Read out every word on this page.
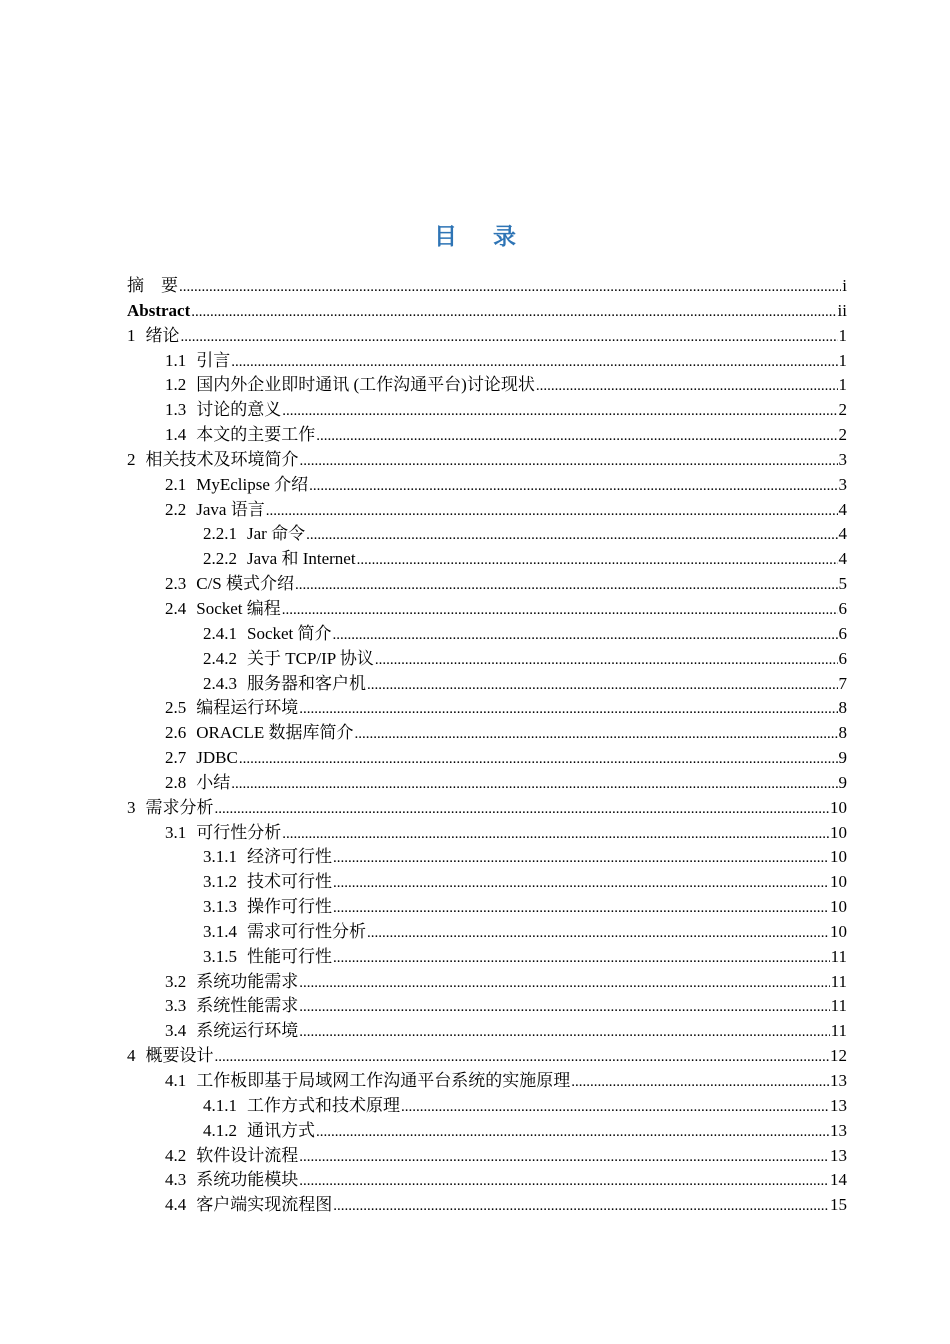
目 录
摘　要 .....	i
Abstract .....	ii
1 绪论 .....	1
1.1 引言 .....	1
1.2 国内外企业即时通讯 (工作沟通平台)讨论现状 .....	1
1.3 讨论的意义 .....	2
1.4 本文的主要工作 .....	2
2 相关技术及环境简介 .....	3
2.1 MyEclipse 介绍 .....	3
2.2 Java 语言 .....	4
2.2.1 Jar 命令 .....	4
2.2.2 Java 和 Internet .....	4
2.3 C/S 模式介绍 .....	5
2.4 Socket 编程 .....	6
2.4.1 Socket 简介 .....	6
2.4.2 关于 TCP/IP 协议 .....	6
2.4.3 服务器和客户机 .....	7
2.5 编程运行环境 .....	8
2.6 ORACLE 数据库简介 .....	8
2.7 JDBC .....	9
2.8 小结 .....	9
3 需求分析 .....	10
3.1 可行性分析 .....	10
3.1.1 经济可行性 .....	10
3.1.2 技术可行性 .....	10
3.1.3 操作可行性 .....	10
3.1.4 需求可行性分析 .....	10
3.1.5 性能可行性 .....	11
3.2 系统功能需求 .....	11
3.3 系统性能需求 .....	11
3.4 系统运行环境 .....	11
4 概要设计 .....	12
4.1 工作板即基于局域网工作沟通平台系统的实施原理 .....	13
4.1.1 工作方式和技术原理 .....	13
4.1.2 通讯方式 .....	13
4.2 软件设计流程 .....	13
4.3 系统功能模块 .....	14
4.4 客户端实现流程图 .....	15
